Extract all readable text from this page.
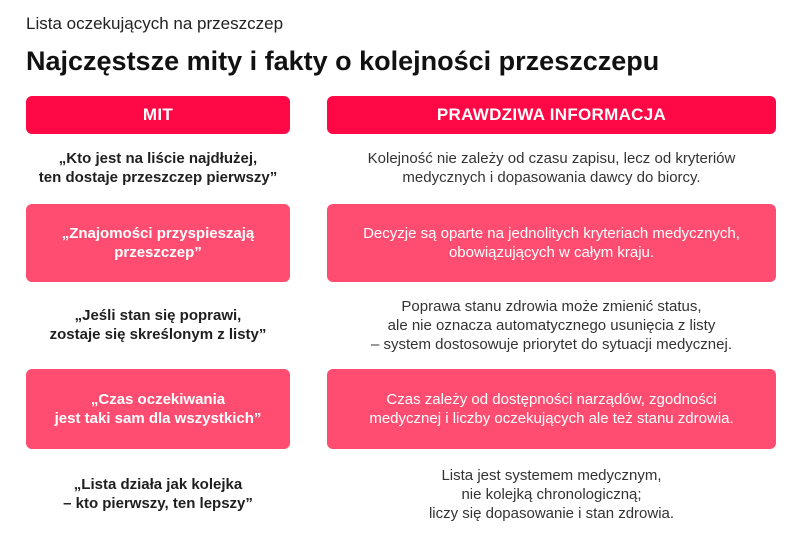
Lista oczekujących na przeszczep
Najczęstsze mity i fakty o kolejności przeszczepu
MIT	PRAWDZIWA INFORMACJA
„Kto jest na liście najdłużej,
ten dostaje przeszczep pierwszy”
Kolejność nie zależy od czasu zapisu, lecz od kryteriów
medycznych i dopasowania dawcy do biorcy.
„Znajomości przyspieszają
przeszczep”
Decyzje są oparte na jednolitych kryteriach medycznych,
obowiązujących w całym kraju.
„Jeśli stan się poprawi,
zostaje się skreślonym z listy”
Poprawa stanu zdrowia może zmienić status,
ale nie oznacza automatycznego usunięcia z listy
– system dostosowuje priorytet do sytuacji medycznej.
„Czas oczekiwania
jest taki sam dla wszystkich”
Czas zależy od dostępności narządów, zgodności
medycznej i liczby oczekujących ale też stanu zdrowia.
„Lista działa jak kolejka
– kto pierwszy, ten lepszy”
Lista jest systemem medycznym,
nie kolejką chronologiczną;
liczy się dopasowanie i stan zdrowia.
